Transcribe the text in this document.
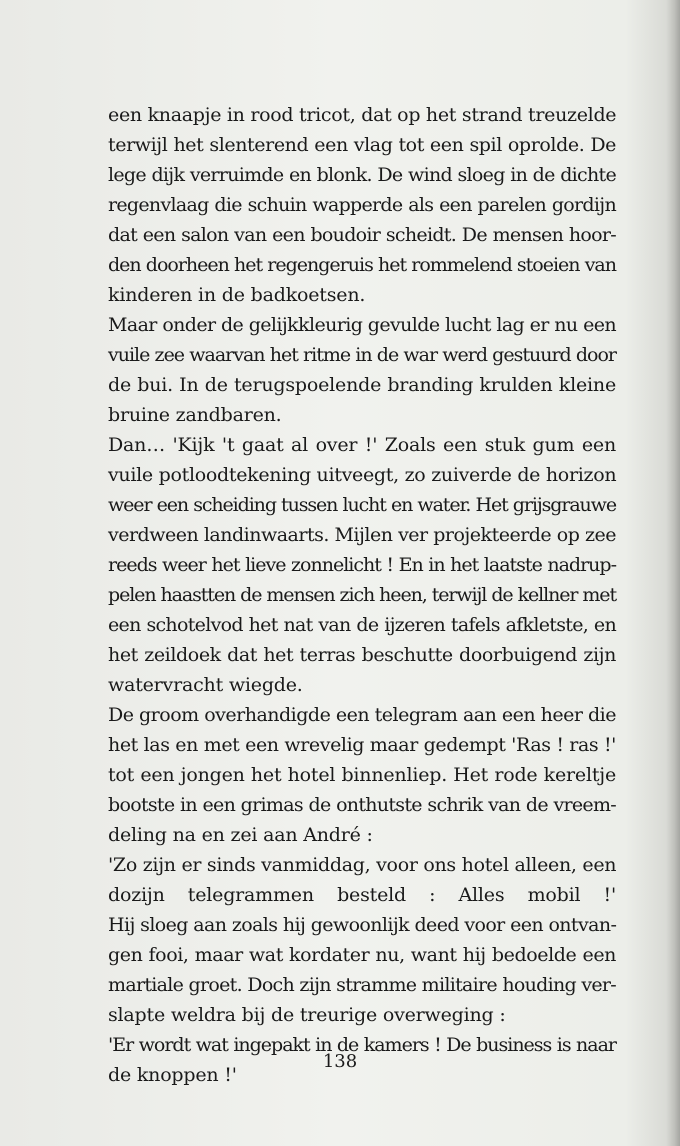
een knaapje in rood tricot, dat op het strand treuzelde
terwijl het slenterend een vlag tot een spil oprolde. De
lege dijk verruimde en blonk. De wind sloeg in de dichte
regenvlaag die schuin wapperde als een parelen gordijn
dat een salon van een boudoir scheidt. De mensen hoor-
den doorheen het regengeruis het rommelend stoeien van
kinderen in de badkoetsen.
Maar onder de gelijkkleurig gevulde lucht lag er nu een
vuile zee waarvan het ritme in de war werd gestuurd door
de bui. In de terugspoelende branding krulden kleine
bruine zandbaren.
Dan… 'Kijk 't gaat al over !' Zoals een stuk gum een
vuile potloodtekening uitveegt, zo zuiverde de horizon
weer een scheiding tussen lucht en water. Het grijsgrauwe
verdween landinwaarts. Mijlen ver projekteerde op zee
reeds weer het lieve zonnelicht ! En in het laatste nadrup-
pelen haastten de mensen zich heen, terwijl de kellner met
een schotelvod het nat van de ijzeren tafels afkletste, en
het zeildoek dat het terras beschutte doorbuigend zijn
watervracht wiegde.
De groom overhandigde een telegram aan een heer die
het las en met een wrevelig maar gedempt 'Ras ! ras !'
tot een jongen het hotel binnenliep. Het rode kereltje
bootste in een grimas de onthutste schrik van de vreem-
deling na en zei aan André :
'Zo zijn er sinds vanmiddag, voor ons hotel alleen, een
dozijn telegrammen besteld : Alles mobil !'
Hij sloeg aan zoals hij gewoonlijk deed voor een ontvan-
gen fooi, maar wat kordater nu, want hij bedoelde een
martiale groet. Doch zijn stramme militaire houding ver-
slapte weldra bij de treurige overweging :
'Er wordt wat ingepakt in de kamers ! De business is naar
de knoppen !'
138
